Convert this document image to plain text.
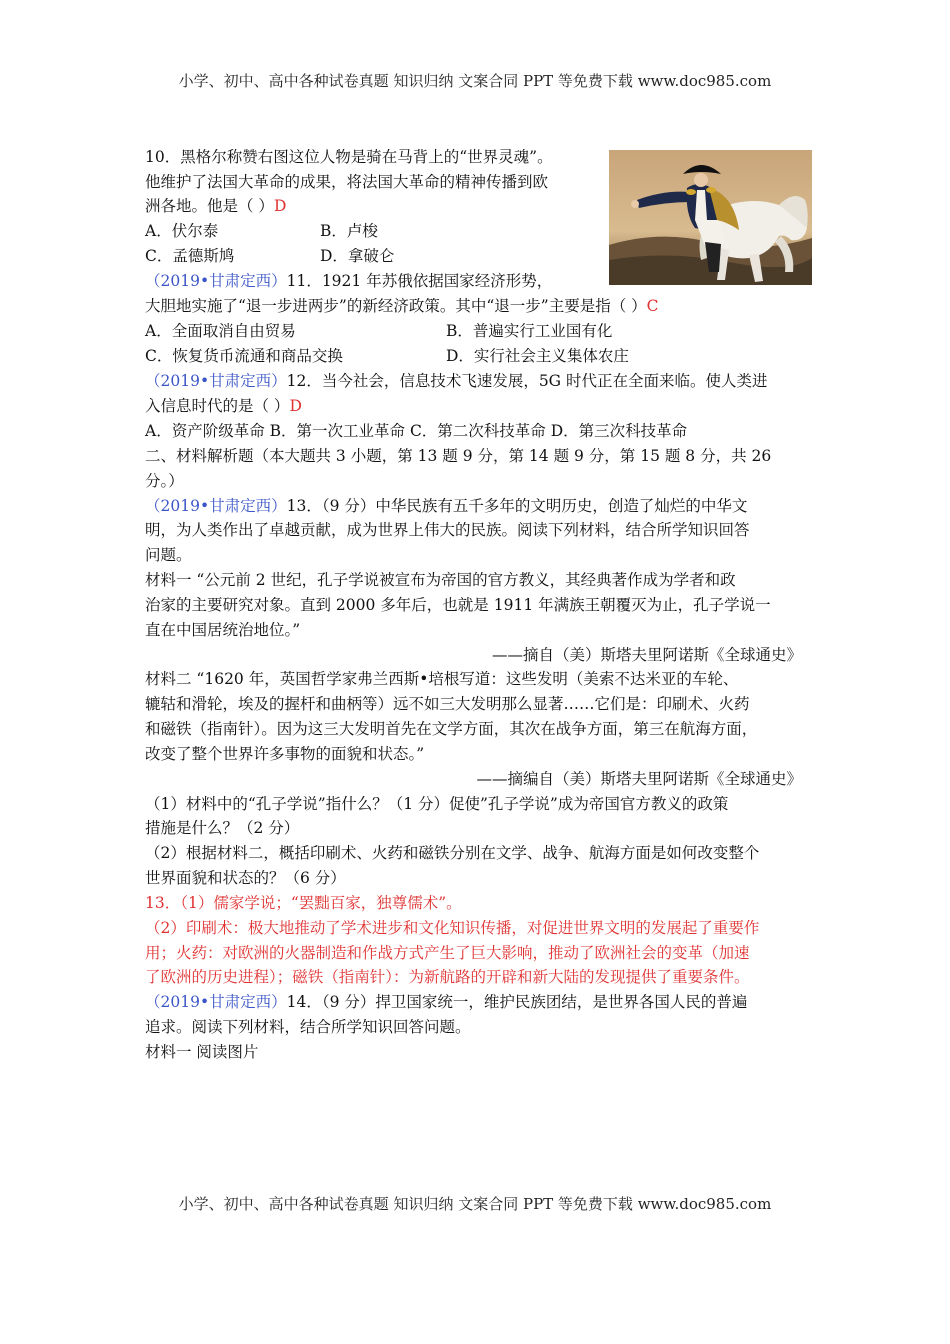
小学、初中、高中各种试卷真题 知识归纳 文案合同 PPT 等免费下载 www.doc985.com
10．黑格尔称赞右图这位人物是骑在马背上的“世界灵魂”。
他维护了法国大革命的成果，将法国大革命的精神传播到欧
洲各地。他是（ ）D
A．伏尔泰	B．卢梭
C．孟德斯鸠	D．拿破仑
（2019•甘肃定西）11．1921 年苏俄依据国家经济形势，
大胆地实施了“退一步进两步”的新经济政策。其中“退一步”主要是指（ ）C
A．全面取消自由贸易	B．普遍实行工业国有化
C．恢复货币流通和商品交换	D．实行社会主义集体农庄
（2019•甘肃定西）12．当今社会，信息技术飞速发展，5G 时代正在全面来临。使人类进
入信息时代的是（ ）D
A．资产阶级革命 B．第一次工业革命 C．第二次科技革命 D．第三次科技革命
二、材料解析题（本大题共 3 小题，第 13 题 9 分，第 14 题 9 分，第 15 题 8 分，共 26
分。）
（2019•甘肃定西）13．（9 分）中华民族有五千多年的文明历史，创造了灿烂的中华文
明，为人类作出了卓越贡献，成为世界上伟大的民族。阅读下列材料，结合所学知识回答
问题。
材料一 “公元前 2 世纪，孔子学说被宣布为帝国的官方教义，其经典著作成为学者和政
治家的主要研究对象。直到 2000 多年后，也就是 1911 年满族王朝覆灭为止，孔子学说一
直在中国居统治地位。”
——摘自（美）斯塔夫里阿诺斯《全球通史》
材料二 “1620 年，英国哲学家弗兰西斯•培根写道：这些发明（美索不达米亚的车轮、
辘轱和滑轮，埃及的握杆和曲柄等）远不如三大发明那么显著……它们是：印刷术、火药
和磁铁（指南针）。因为这三大发明首先在文学方面，其次在战争方面，第三在航海方面，
改变了整个世界许多事物的面貌和状态。”
——摘编自（美）斯塔夫里阿诺斯《全球通史》
（1）材料中的“孔子学说”指什么？（1 分）促使”孔子学说”成为帝国官方教义的政策
措施是什么？（2 分）
（2）根据材料二，概括印刷术、火药和磁铁分别在文学、战争、航海方面是如何改变整个
世界面貌和状态的？（6 分）
13．（1）儒家学说；“罢黜百家，独尊儒术”。
（2）印刷术：极大地推动了学术进步和文化知识传播，对促进世界文明的发展起了重要作
用；火药：对欧洲的火器制造和作战方式产生了巨大影响，推动了欧洲社会的变革（加速
了欧洲的历史进程）；磁铁（指南针）：为新航路的开辟和新大陆的发现提供了重要条件。
（2019•甘肃定西）14．（9 分）捍卫国家统一，维护民族团结，是世界各国人民的普遍
追求。阅读下列材料，结合所学知识回答问题。
材料一 阅读图片
小学、初中、高中各种试卷真题 知识归纳 文案合同 PPT 等免费下载 www.doc985.com
